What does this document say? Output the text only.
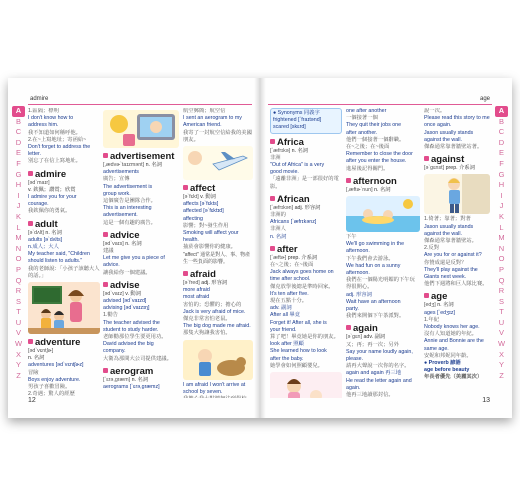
A
B
C
D
E
F
G
H
I
J
K
L
M
N
O
P
Q
R
S
T
U
V
W
X
Y
Z
admire

1.區隔；標明

I don't know how to

address him.

我不知道如何稱呼他。

2.在~上寫地址；寄函給~

Don't forget to address the

letter.

別忘了在信上寫地址。

admire

[əd`maɪr]

v. 欽佩；讚賞；欣賞

I admire you for your

courage.

我欽佩你的勇氣。

adult

[ə`dʌlt] n. 名詞

adults [ə`dʌlts]

n.成人；大人

My teacher said, "Children

should listen to adults."

我的老師說：「小孩子該聽大人的話。」

adventure

[əd`vɛntʃɚ]

n. 名詞

adventures [əd`vɛntʃɚz]

冒險

Boys enjoy adventure.

男孩子喜歡冒險。

2.奇遇；驚人的經歷

advertisement

[,ædvɚ`taɪzmənt] n. 名詞

advertisements

廣告；宣傳

The advertisement is

group work.

這個廣告是團隊合作。

This is an interesting

advertisement.

這是一個有趣的廣告。

advice

[əd`vaɪs] n. 名詞

建議

Let me give you a piece of

advice.

讓我給你一個建議。

advise

[əd`vaɪz] v. 動詞

advised [əd`vaɪzd]

advising [əd`vaɪzɪŋ]

1.勸告

The teacher advised the

student to study harder.

老師勸那位學生要更用功。

David advised the big

company.

大衛為那間大公司提供建議。

aerogram

[`ɛrə,græm] n. 名詞

aerograms [`ɛrə,græmz]

航空郵簡；航空信

I sent an aerogram to my

American friend.

我寄了一封航空信給我的美國朋友。

affect

[ə`fɛkt] v. 動詞

affects [ə`fɛkts]

affected [ə`fɛktɪd]

affecting

影響；對~發生作用

Smoking will affect your

health.

抽菸會影響你的健康。

"affect" 通常是對人、事、物產生一些負面的影響。

afraid

[ə`fred] adj. 形容詞

more afraid

most afraid

害怕的；恐懼的；擔心的

Jack is very afraid of mice.

傑克非常害怕老鼠。

The big dog made me afraid.

那隻大狗讓我害怕。

I am afraid I won't arrive at

school by seven.

12
A
B
C
D
E
F
G
H
I
J
K
L
M
N
O
P
Q
R
S
T
U
V
W
X
Y
Z
age

● Synonyms 同義字

frightened [`fraɪtənd]

scared [skɛrd]

Africa

[`æfrɪkə] n. 名詞

非洲

"Out of Africa" is a very

good movie.

「遠離非洲」是一部很好的電影。

African

[`æfrɪkən] adj. 形容詞

非洲的

Africans [`æfrɪkənz]

非洲人

n. 名詞

after

[`æftɚ] prep. 介系詞

在~之後；在~後面

Jack always goes home on

time after school.

傑克放學後總是準時回家。

It's ten after five.

現在五點十分。

adv. 副詞

After all 畢竟

Forget it! After all, she is

your friend.

算了吧！畢竟她是你的朋友。

look after 照顧

She learned how to look

after the baby.

她學會如何照顧嬰兒。

one after another

一個接著一個

They quit their jobs one

after another.

他們一個接著一個辭職。

在~之後；在~後面

Remember to close the door

after you enter the house.

進屋後記得關門。

afternoon

[,æftɚ`nun] n. 名詞

下午

We'll go swimming in the

afternoon.

下午我們會去游泳。

We had fun on a sunny

afternoon.

我們在一個陽光明媚的下午玩得很開心。

adj. 形容詞

Wait have an afternoon

party.

我們來開個下午茶派對。

again

[ə`gɛn] adv. 副詞

又；再；再一次；另外

Say your name loudly again,

please.

請再大聲說一次你的名字。

again and again 再三地

He read the letter again and

again.

他再三地讀那封信。

說一次。

Please read this story to me

once again.

Jason usually stands

against the wall.

傑森通常靠著牆壁站著。

against

[ə`gɛnst] prep. 介系詞

1.倚著；靠著；對著

Jason usually stands

against the wall.

傑森通常靠著牆壁站。

2.反對

Are you for or against it?

你贊成還是反對？

They'll play against the

Giants next week.

他們下週將和巨人隊比賽。

age

[edʒ] n. 名詞

ages [`edʒɪz]

1.年紀

Nobody knows her age.

沒有人知道她的年紀。

Annie and Bonnie are the

same age.

安妮和邦妮同年齡。

● Proverb 諺語

age before beauty

年長者優先（美麗其次）

13
